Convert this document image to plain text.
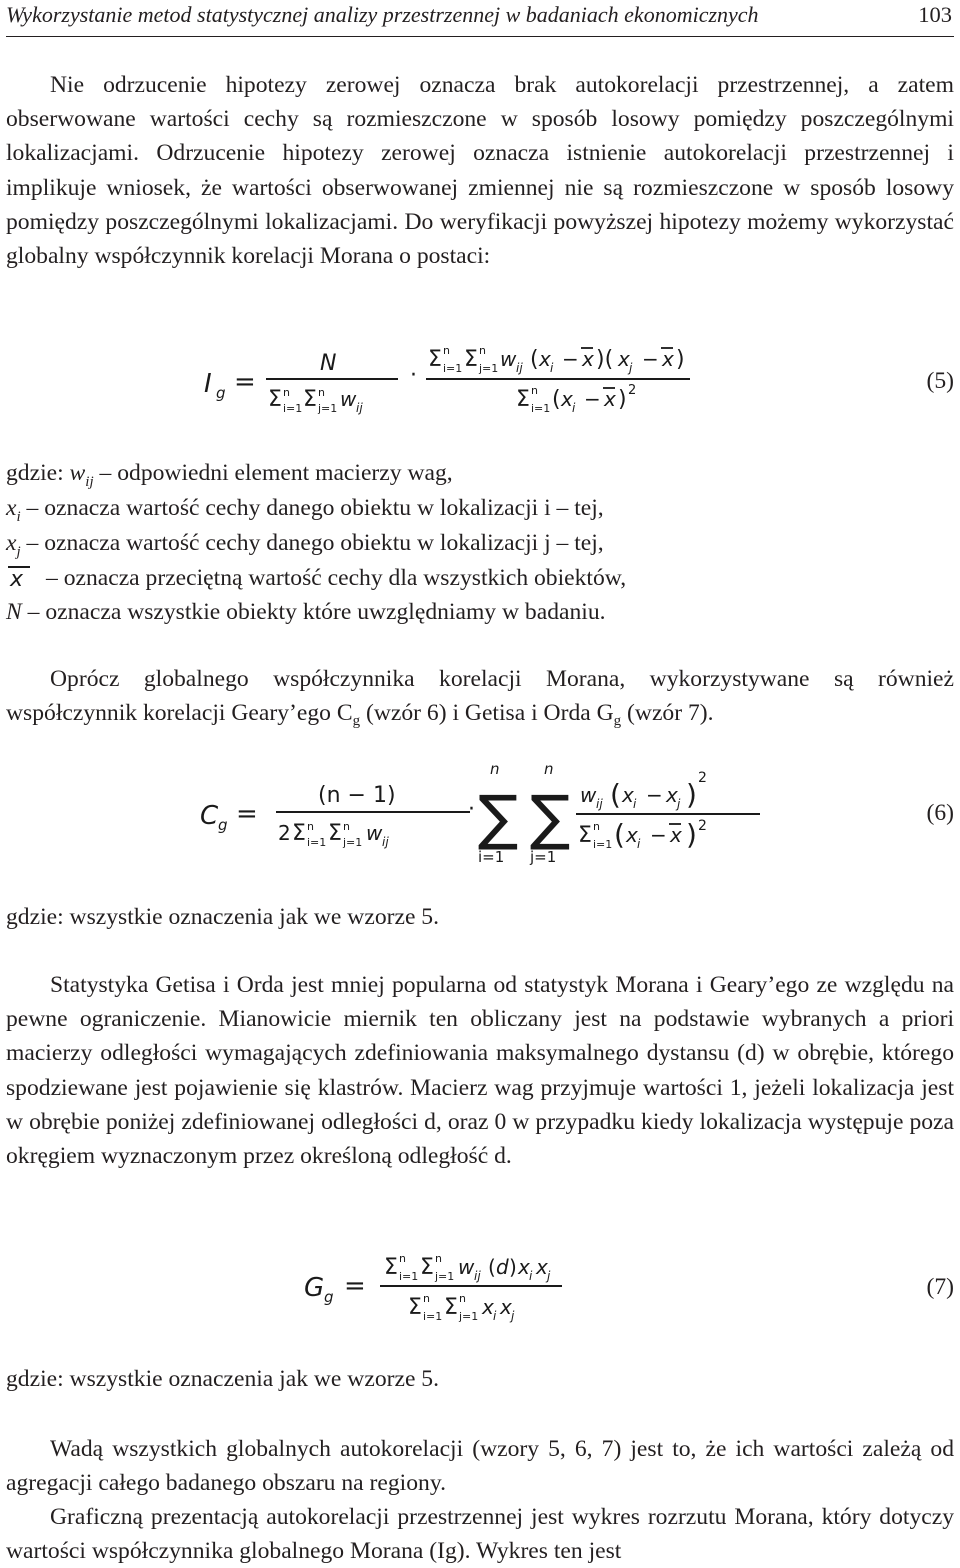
Wykorzystanie metod statystycznej analizy przestrzennej w badaniach ekonomicznych	103

Nie odrzucenie hipotezy zerowej oznacza brak autokorelacji przestrzennej, a zatem obserwowane wartości cechy są rozmieszczone w sposób losowy pomiędzy poszczególnymi lokalizacjami. Odrzucenie hipotezy zerowej oznacza istnienie autokorelacji przestrzennej i implikuje wniosek, że wartości obserwowanej zmiennej nie są rozmieszczone w sposób losowy pomiędzy poszczególnymi lokalizacjami. Do weryfikacji powyższej hipotezy możemy wykorzystać globalny współczynnik korelacji Morana o postaci:

I g =
N
Σ i=1
n Σ j=1
n w ij
·
Σ i=1
n Σ j=1
n w ij ( x i − x )( x j − x )
Σ i=1
n ( x i − x ) 2	(5)
gdzie: $w_{ij}$ – odpowiedni element macierzy wag,
$x_i$ – oznacza wartość cechy danego obiektu w lokalizacji i – tej,
$x_j$ – oznacza wartość cechy danego obiektu w lokalizacji j – tej,
x – oznacza przeciętną wartość cechy dla wszystkich obiektów,
N – oznacza wszystkie obiekty które uwzględniamy w badaniu.

Oprócz globalnego współczynnika korelacji Morana, wykorzystywane są również współczynnik korelacji Geary’ego $C_g$ (wzór 6) i Getisa i Orda $G_g$ (wzór 7).

C g =
(n − 1)
2 Σ i=1
n Σ j=1
n w ij
·
n
∑
i=1
n
∑
j=1
w ij ( x i − x j ) 2
Σ i=1
n ( x i − x ) 2	(6)
gdzie: wszystkie oznaczenia jak we wzorze 5.

Statystyka Getisa i Orda jest mniej popularna od statystyk Morana i Geary’ego ze względu na pewne ograniczenie. Mianowicie miernik ten obliczany jest na podstawie wybranych a priori macierzy odległości wymagających zdefiniowania maksymalnego dystansu (d) w obrębie, którego spodziewane jest pojawienie się klastrów. Macierz wag przyjmuje wartości 1, jeżeli lokalizacja jest w obrębie poniżej zdefiniowanej odległości d, oraz 0 w przypadku kiedy lokalizacja występuje poza okręgiem wyznaczonym przez określoną odległość d.

G g =
Σ i=1
n Σ j=1
n w ij ( d ) x i x j
Σ i=1
n Σ j=1
n x i x j
(7)
gdzie: wszystkie oznaczenia jak we wzorze 5.

Wadą wszystkich globalnych autokorelacji (wzory 5, 6, 7) jest to, że ich wartości zależą od agregacji całego badanego obszaru na regiony.

Graficzną prezentacją autokorelacji przestrzennej jest wykres rozrzutu Morana, który dotyczy wartości współczynnika globalnego Morana (Ig). Wykres ten jest
